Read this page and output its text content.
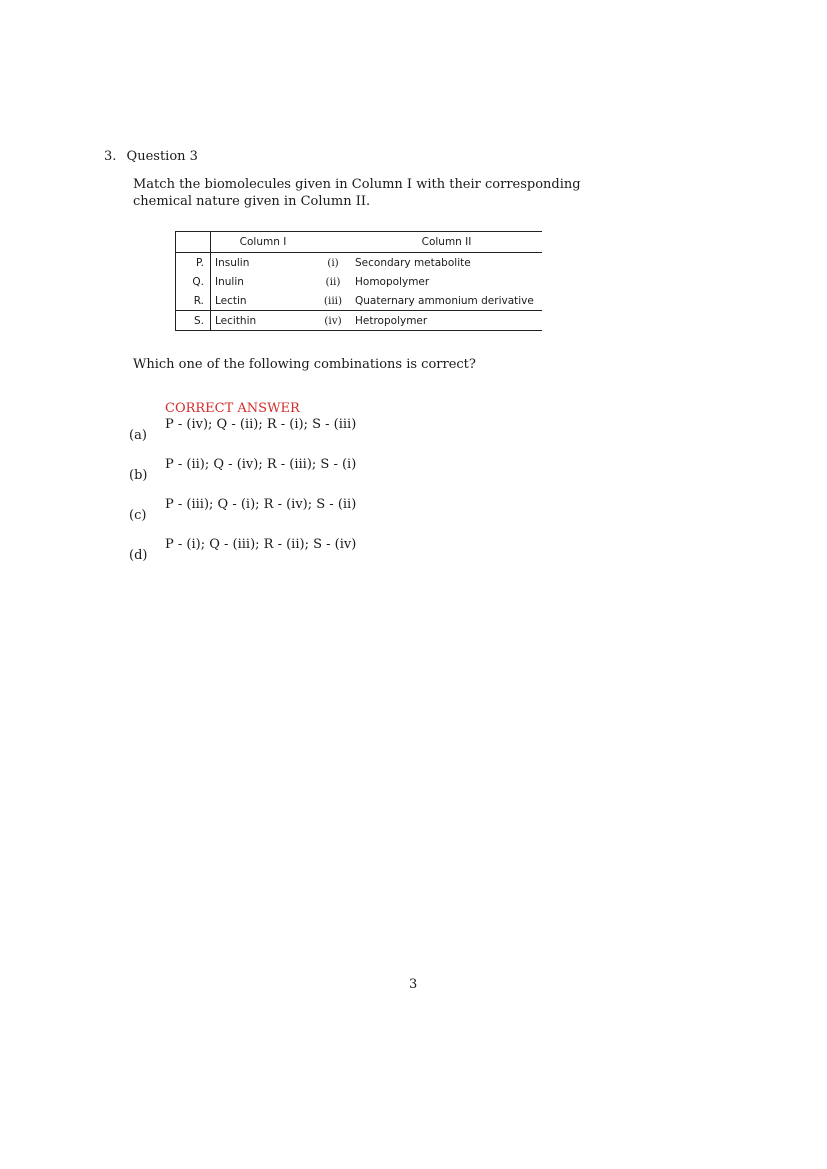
3. Question 3
Match the biomolecules given in Column I with their corresponding chemical nature given in Column II.
	Column I		Column II
P.	Insulin	(i)	Secondary metabolite
Q.	Inulin	(ii)	Homopolymer
R.	Lectin	(iii)	Quaternary ammonium derivative
S.	Lecithin	(iv)	Hetropolymer
Which one of the following combinations is correct?
CORRECT ANSWER
P - (iv); Q - (ii); R - (i); S - (iii)
(a)
P - (ii); Q - (iv); R - (iii); S - (i)
(b)
P - (iii); Q - (i); R - (iv); S - (ii)
(c)
P - (i); Q - (iii); R - (ii); S - (iv)
(d)
3
